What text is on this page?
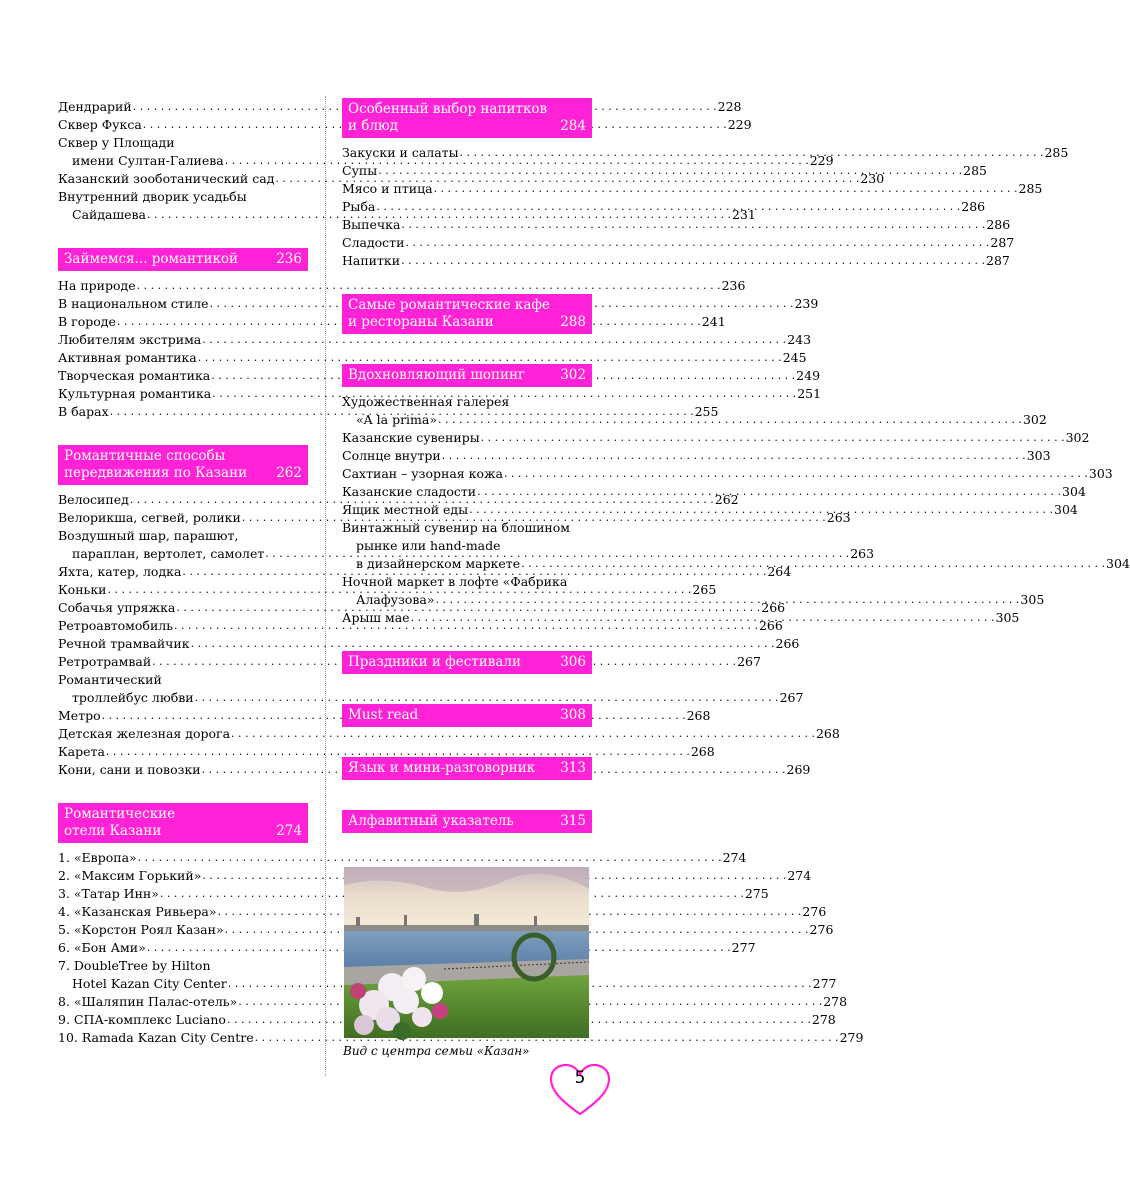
Дендрарий . . .	228
Сквер Фукса . . .	229
Сквер у Площади
имени Султан-Галиева . . .	229
Казанский зооботанический сад . . .	230
Внутренний дворик усадьбы
Сайдашева . . .	231
Займемся... романтикой	236
На природе . . .	236
В национальном стиле . . .	239
В городе . . .	241
Любителям экстрима . . .	243
Активная романтика . . .	245
Творческая романтика . . .	249
Культурная романтика . . .	251
В барах . . .	255
Романтичные способы
передвижения по Казани	262
Велосипед . . .	262
Велорикша, сегвей, ролики . . .	263
Воздушный шар, парашют,
параплан, вертолет, самолет . . .	263
Яхта, катер, лодка . . .	264
Коньки . . .	265
Собачья упряжка . . .	266
Ретроавтомобиль . . .	266
Речной трамвайчик . . .	266
Ретротрамвай . . .	267
Романтический
троллейбус любви . . .	267
Метро . . .	268
Детская железная дорога . . .	268
Карета . . .	268
Кони, сани и повозки . . .	269
Романтические
отели Казани	274
1. «Европа» . . .	274
2. «Максим Горький» . . .	274
3. «Татар Инн» . . .	275
4. «Казанская Ривьера» . . .	276
5. «Корстон Роял Казан» . . .	276
6. «Бон Ами» . . .	277
7. DoubleTree by Hilton
Hotel Kazan City Center . . .	277
8. «Шаляпин Палас-отель» . . .	278
9. СПА-комплекс Luciano . . .	278
10. Ramada Kazan City Centre . . .	279
Особенный выбор напитков
и блюд	284
Закуски и салаты . . .	285
Супы . . .	285
Мясо и птица . . .	285
Рыба . . .	286
Выпечка . . .	286
Сладости . . .	287
Напитки . . .	287
Самые романтические кафе
и рестораны Казани	288
Вдохновляющий шопинг	302
Художественная галерея
«A la prima» . . .	302
Казанские сувениры . . .	302
Солнце внутри . . .	303
Сахтиан – узорная кожа . . .	303
Казанские сладости . . .	304
Ящик местной еды . . .	304
Винтажный сувенир на блошином
рынке или hand-made
в дизайнерском маркете . . .	304
Ночной маркет в лофте «Фабрика
Алафузова» . . .	305
Арыш мае . . .	305
Праздники и фестивали	306
Must read	308
Язык и мини-разговорник	313
Алфавитный указатель	315
Вид с центра семьи «Казан»
5
